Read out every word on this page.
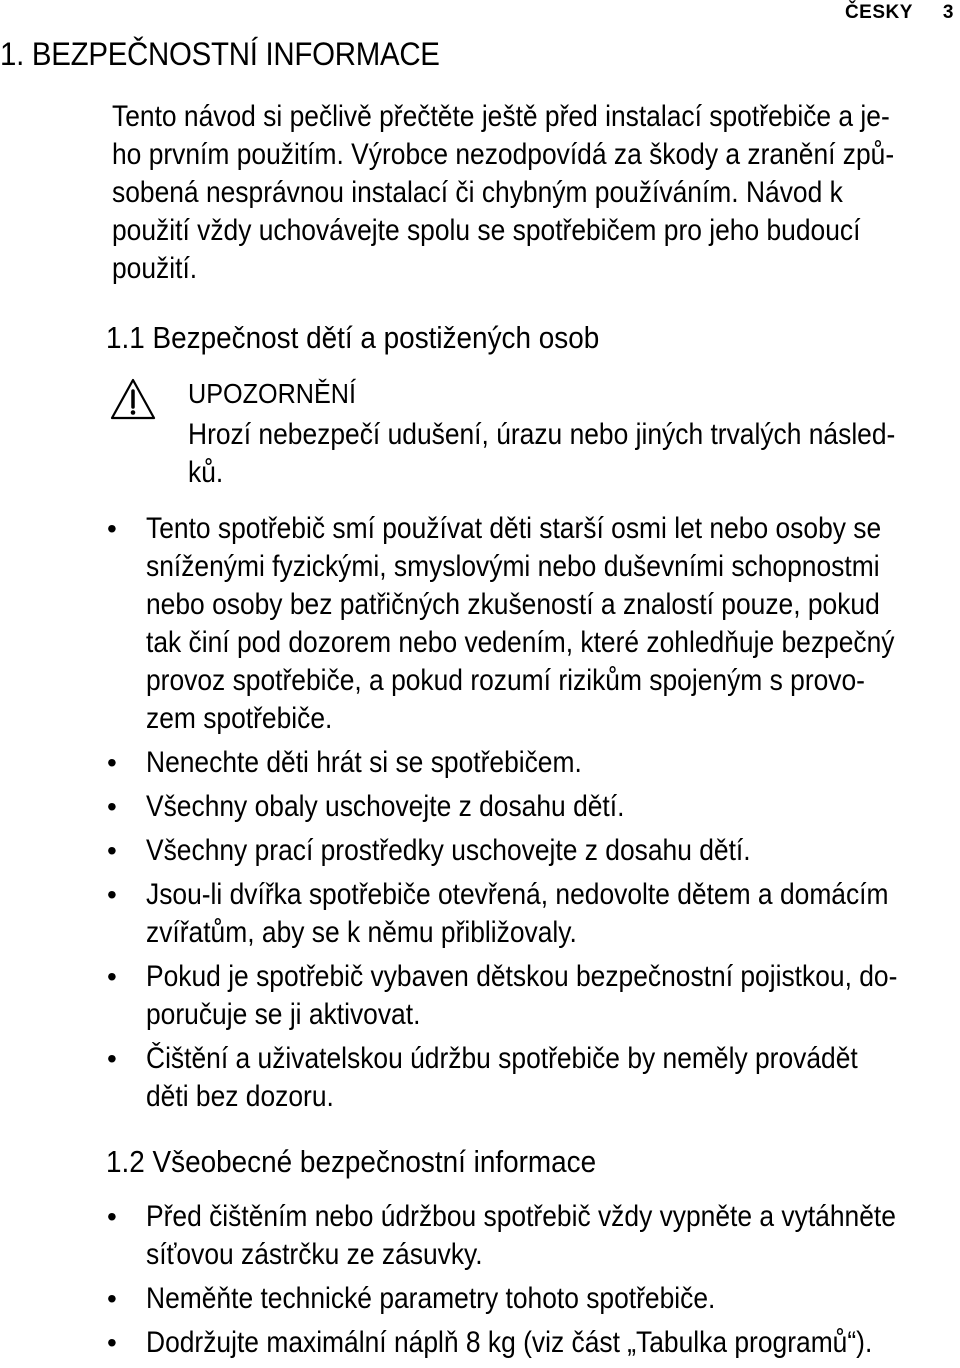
ČESKY 3
1. BEZPEČNOSTNÍ INFORMACE
Tento návod si pečlivě přečtěte ještě před instalací spotřebiče a je-
ho prvním použitím. Výrobce nezodpovídá za škody a zranění způ-
sobená nesprávnou instalací či chybným používáním. Návod k
použití vždy uchovávejte spolu se spotřebičem pro jeho budoucí
použití.
1.1 Bezpečnost dětí a postižených osob
UPOZORNĚNÍ
Hrozí nebezpečí udušení, úrazu nebo jiných trvalých násled-
ků.
• Tento spotřebič smí používat děti starší osmi let nebo osoby se
sníženými fyzickými, smyslovými nebo duševními schopnostmi
nebo osoby bez patřičných zkušeností a znalostí pouze, pokud
tak činí pod dozorem nebo vedením, které zohledňuje bezpečný
provoz spotřebiče, a pokud rozumí rizikům spojeným s provo-
zem spotřebiče.
• Nenechte děti hrát si se spotřebičem.
• Všechny obaly uschovejte z dosahu dětí.
• Všechny prací prostředky uschovejte z dosahu dětí.
• Jsou-li dvířka spotřebiče otevřená, nedovolte dětem a domácím
zvířatům, aby se k němu přibližovaly.
• Pokud je spotřebič vybaven dětskou bezpečnostní pojistkou, do-
poručuje se ji aktivovat.
• Čištění a uživatelskou údržbu spotřebiče by neměly provádět
děti bez dozoru.
1.2 Všeobecné bezpečnostní informace
• Před čištěním nebo údržbou spotřebič vždy vypněte a vytáhněte
síťovou zástrčku ze zásuvky.
• Neměňte technické parametry tohoto spotřebiče.
• Dodržujte maximální náplň 8 kg (viz část „Tabulka programů“).
